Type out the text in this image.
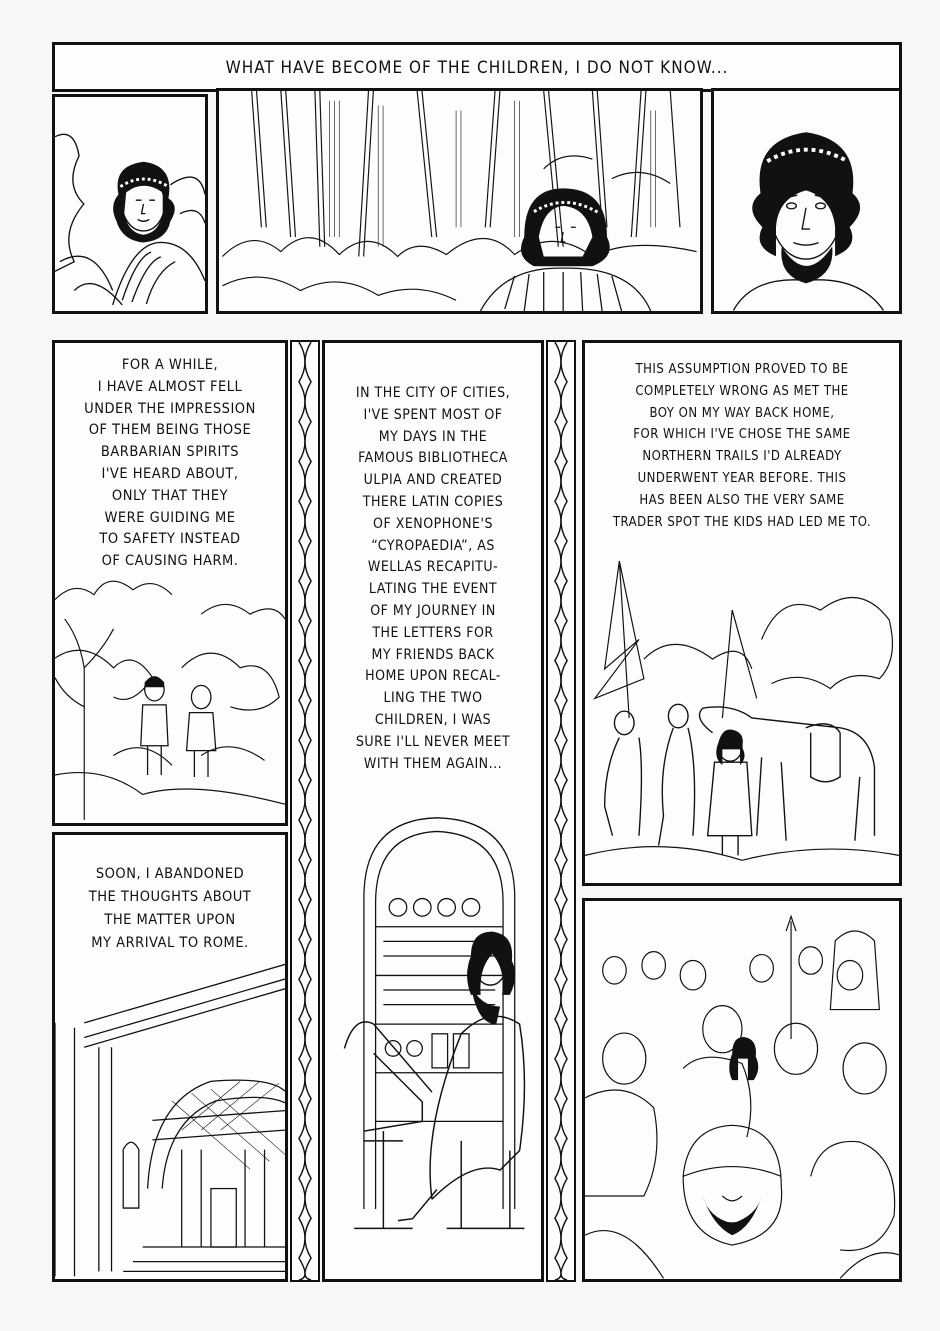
WHAT HAVE BECOME OF THE CHILDREN, I DO NOT KNOW...
FOR A WHILE,
I HAVE ALMOST FELL
UNDER THE IMPRESSION
OF THEM BEING THOSE
BARBARIAN SPIRITS
I'VE HEARD ABOUT,
ONLY THAT THEY
WERE GUIDING ME
TO SAFETY INSTEAD
OF CAUSING HARM.
IN THE CITY OF CITIES,
I'VE SPENT MOST OF
MY DAYS IN THE
FAMOUS BIBLIOTHECA
ULPIA AND CREATED
THERE LATIN COPIES
OF XENOPHONE'S
“CYROPAEDIA”, AS
WELLAS RECAPITU-
LATING THE EVENT
OF MY JOURNEY IN
THE LETTERS FOR
MY FRIENDS BACK
HOME UPON RECAL-
LING THE TWO
CHILDREN, I WAS
SURE I'LL NEVER MEET
WITH THEM AGAIN...
THIS ASSUMPTION PROVED TO BE
COMPLETELY WRONG AS MET THE
BOY ON MY WAY BACK HOME,
FOR WHICH I'VE CHOSE THE SAME
NORTHERN TRAILS I'D ALREADY
UNDERWENT YEAR BEFORE. THIS
HAS BEEN ALSO THE VERY SAME
TRADER SPOT THE KIDS HAD LED ME TO.
SOON, I ABANDONED
THE THOUGHTS ABOUT
THE MATTER UPON
MY ARRIVAL TO ROME.
